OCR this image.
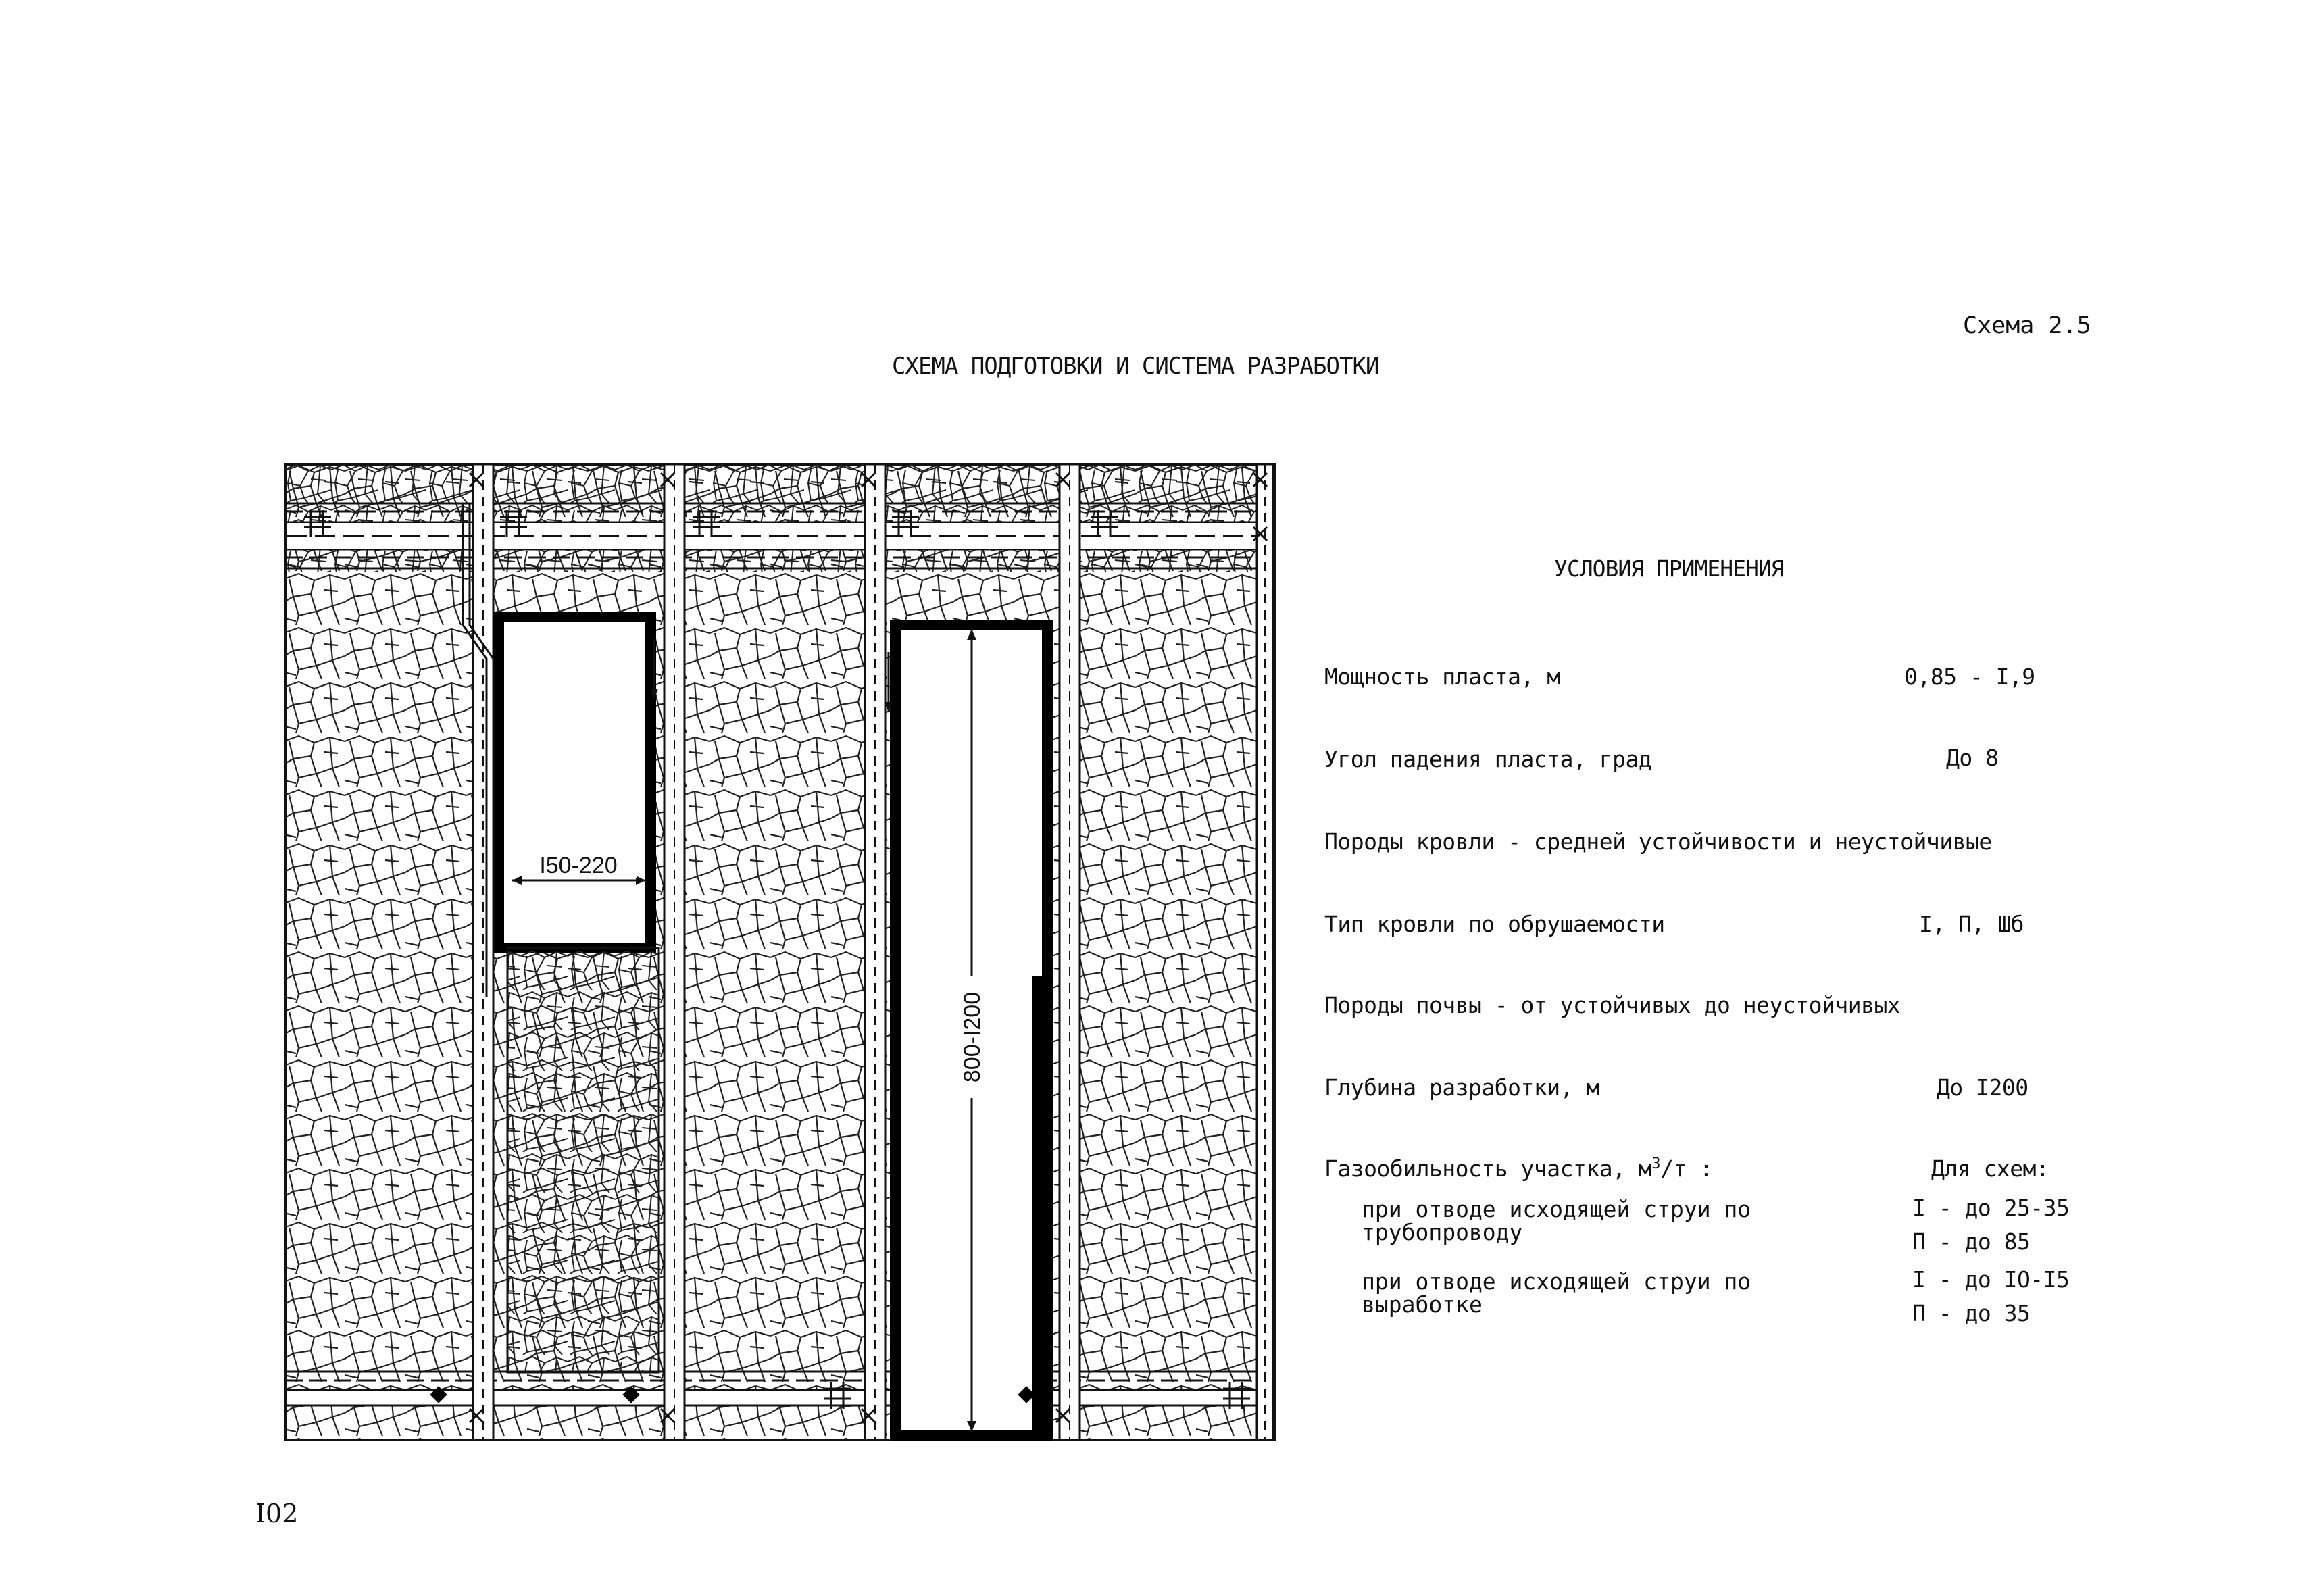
Схема 2.5
СХЕМА ПОДГОТОВКИ И СИСТЕМА РАЗРАБОТКИ
I50-220
800-I200
УСЛОВИЯ ПРИМЕНЕНИЯ
Мощность пласта, м	0,85 - I,9
Угол падения пласта, град	До 8
Породы кровли - средней устойчивости и неустойчивые
Тип кровли по обрушаемости	I, П, Шб
Породы почвы - от устойчивых до неустойчивых
Глубина разработки, м	До I200
Газообильность участка, $м^3/т$ :	Для схем:
при отводе исходящей струи по трубопроводу
I - до 25-35
П - до 85
при отводе исходящей струи по выработке
I - до IO-I5
П - до 35
I02
